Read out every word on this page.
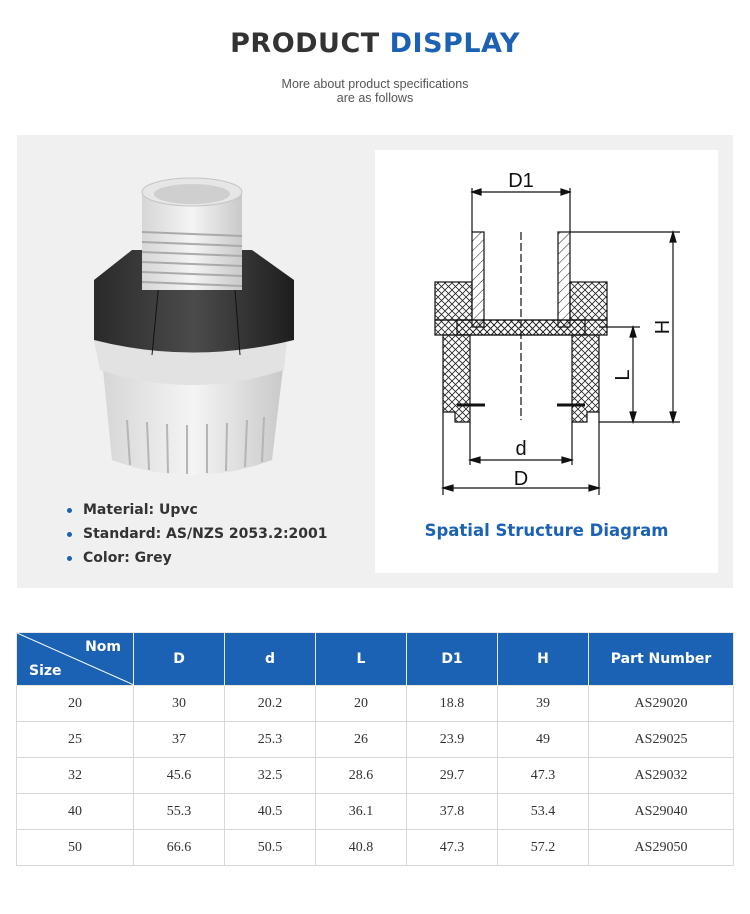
PRODUCT DISPLAY
More about product specifications
are as follows
Material: Upvc
Standard: AS/NZS 2053.2:2001
Color: Grey
D1
H
L
d
D
Spatial Structure Diagram
Nom
Size	D	d	L	D1	H	Part Number
20	30	20.2	20	18.8	39	AS29020
25	37	25.3	26	23.9	49	AS29025
32	45.6	32.5	28.6	29.7	47.3	AS29032
40	55.3	40.5	36.1	37.8	53.4	AS29040
50	66.6	50.5	40.8	47.3	57.2	AS29050
